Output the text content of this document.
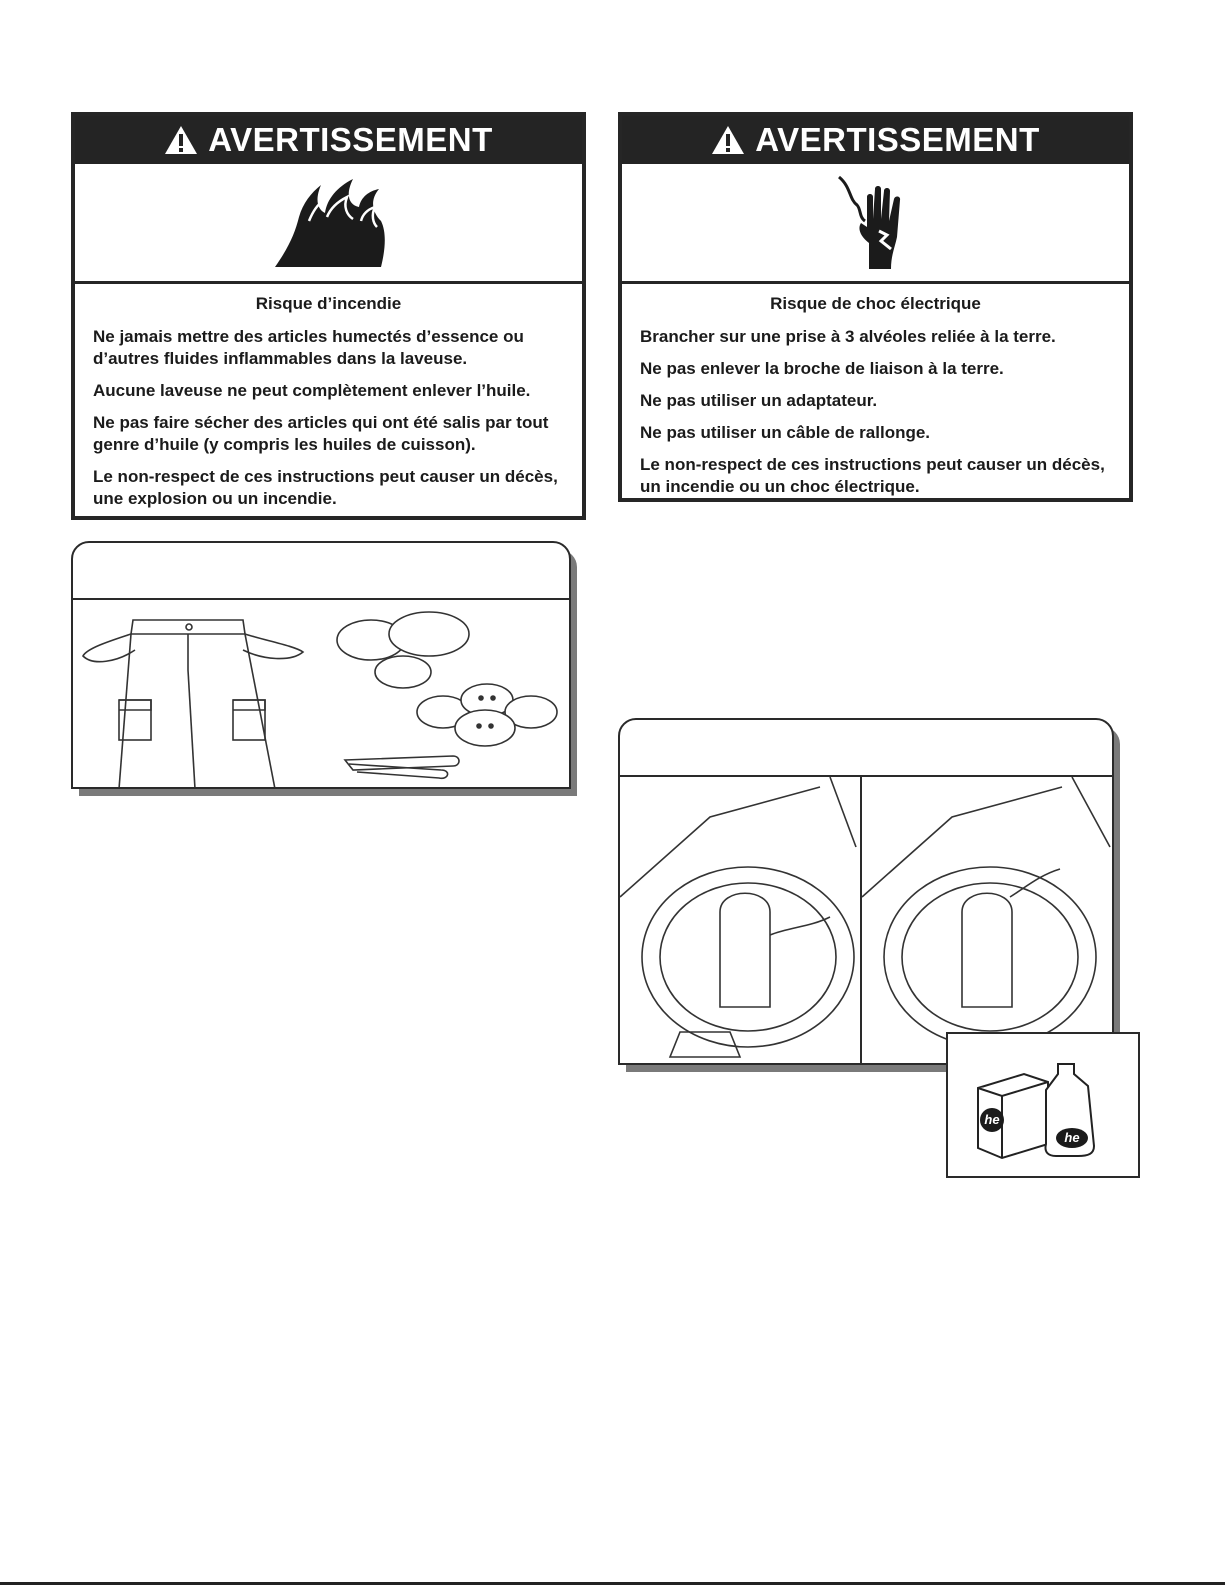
AVERTISSEMENT
Risque d’incendie

Ne jamais mettre des articles humectés d’essence ou d’autres fluides inflammables dans la laveuse.

Aucune laveuse ne peut complètement enlever l’huile.

Ne pas faire sécher des articles qui ont été salis par tout genre d’huile (y compris les huiles de cuisson).

Le non-respect de ces instructions peut causer un décès, une explosion ou un incendie.

AVERTISSEMENT
Risque de choc électrique

Brancher sur une prise à 3 alvéoles reliée à la terre.

Ne pas enlever la broche de liaison à la terre.

Ne pas utiliser un adaptateur.

Ne pas utiliser un câble de rallonge.

Le non-respect de ces instructions peut causer un décès, un incendie ou un choc électrique.

he
he
